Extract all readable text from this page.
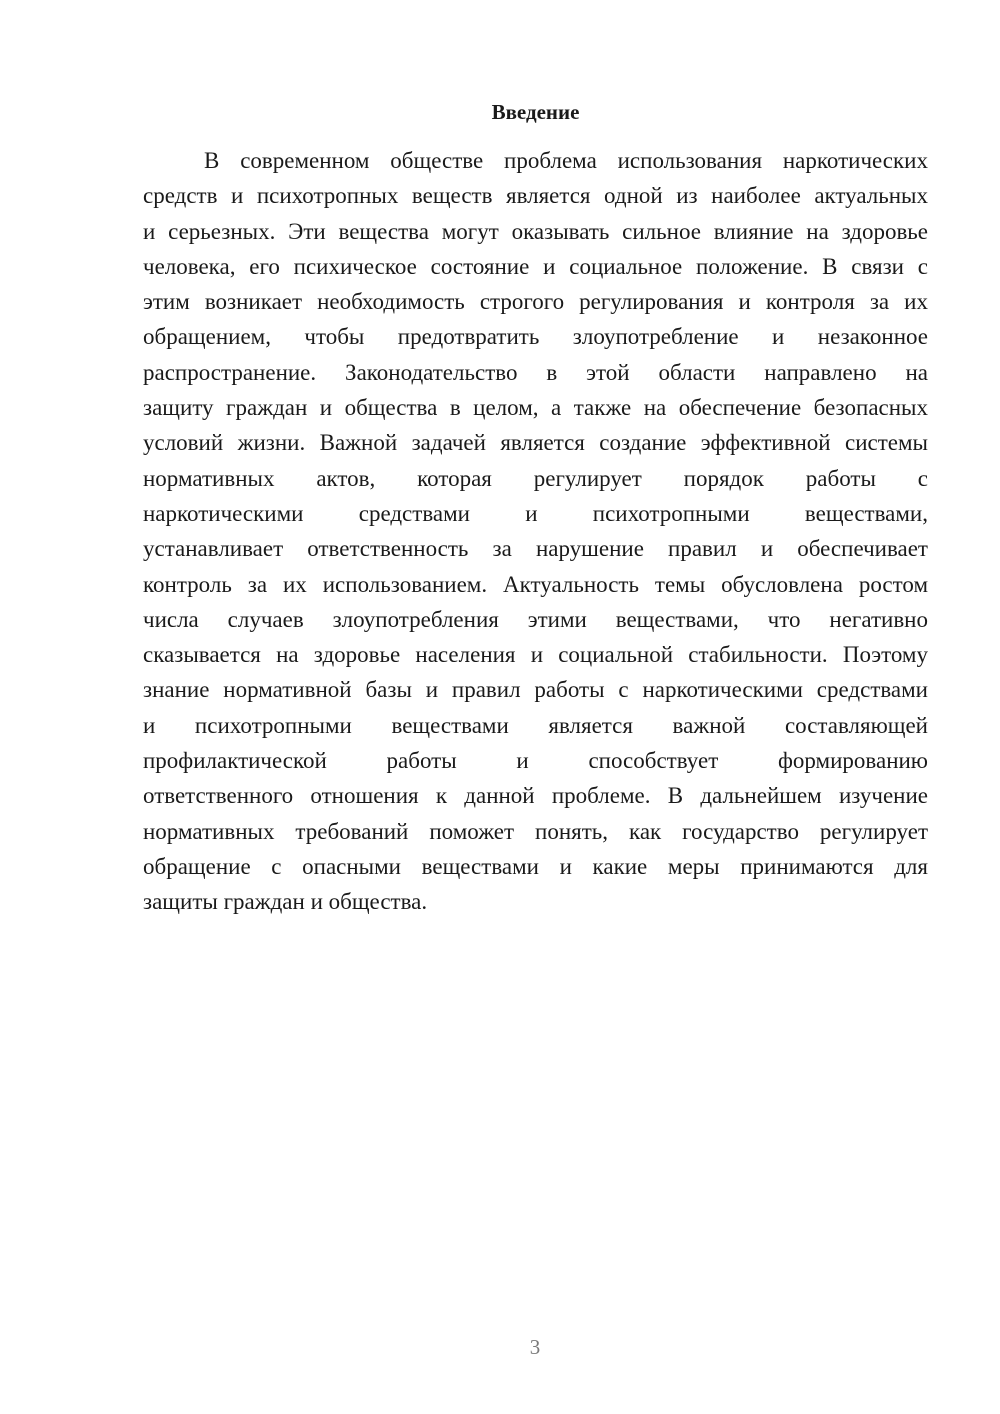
Введение
В современном обществе проблема использования наркотических
средств и психотропных веществ является одной из наиболее актуальных
и серьезных. Эти вещества могут оказывать сильное влияние на здоровье
человека, его психическое состояние и социальное положение. В связи с
этим возникает необходимость строгого регулирования и контроля за их
обращением, чтобы предотвратить злоупотребление и незаконное
распространение. Законодательство в этой области направлено на
защиту граждан и общества в целом, а также на обеспечение безопасных
условий жизни. Важной задачей является создание эффективной системы
нормативных актов, которая регулирует порядок работы с
наркотическими средствами и психотропными веществами,
устанавливает ответственность за нарушение правил и обеспечивает
контроль за их использованием. Актуальность темы обусловлена ростом
числа случаев злоупотребления этими веществами, что негативно
сказывается на здоровье населения и социальной стабильности. Поэтому
знание нормативной базы и правил работы с наркотическими средствами
и психотропными веществами является важной составляющей
профилактической работы и способствует формированию
ответственного отношения к данной проблеме. В дальнейшем изучение
нормативных требований поможет понять, как государство регулирует
обращение с опасными веществами и какие меры принимаются для
защиты граждан и общества.
3
